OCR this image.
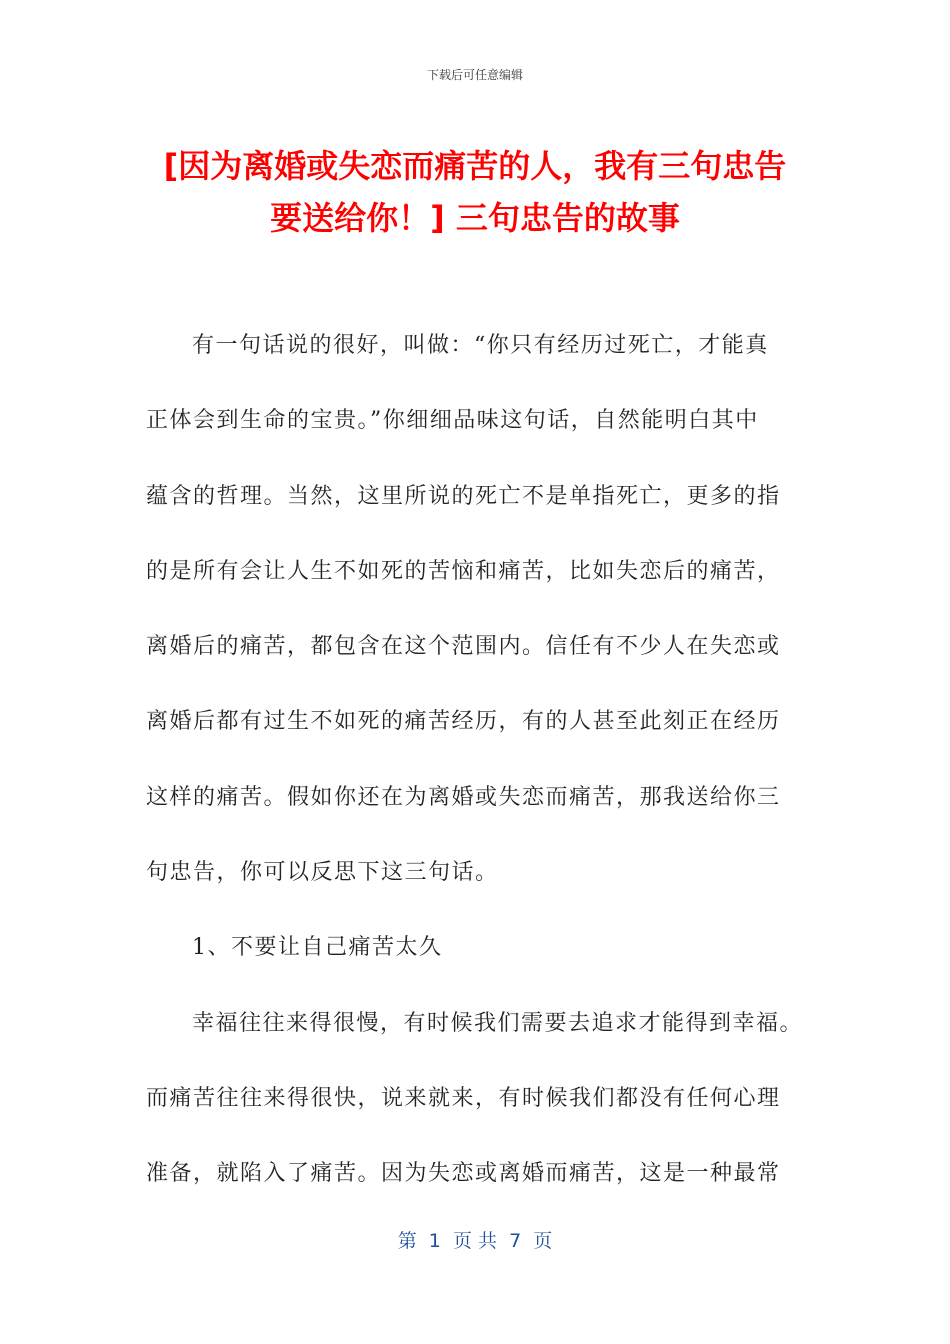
下载后可任意编辑
[因为离婚或失恋而痛苦的人，我有三句忠告
要送给你！] 三句忠告的故事
有一句话说的很好，叫做：“你只有经历过死亡，才能真
正体会到生命的宝贵。”你细细品味这句话，自然能明白其中
蕴含的哲理。当然，这里所说的死亡不是单指死亡，更多的指
的是所有会让人生不如死的苦恼和痛苦，比如失恋后的痛苦，
离婚后的痛苦，都包含在这个范围内。信任有不少人在失恋或
离婚后都有过生不如死的痛苦经历，有的人甚至此刻正在经历
这样的痛苦。假如你还在为离婚或失恋而痛苦，那我送给你三
句忠告，你可以反思下这三句话。
1、不要让自己痛苦太久
幸福往往来得很慢，有时候我们需要去追求才能得到幸福。
而痛苦往往来得很快，说来就来，有时候我们都没有任何心理
准备，就陷入了痛苦。因为失恋或离婚而痛苦，这是一种最常
第  1  页 共  7  页
